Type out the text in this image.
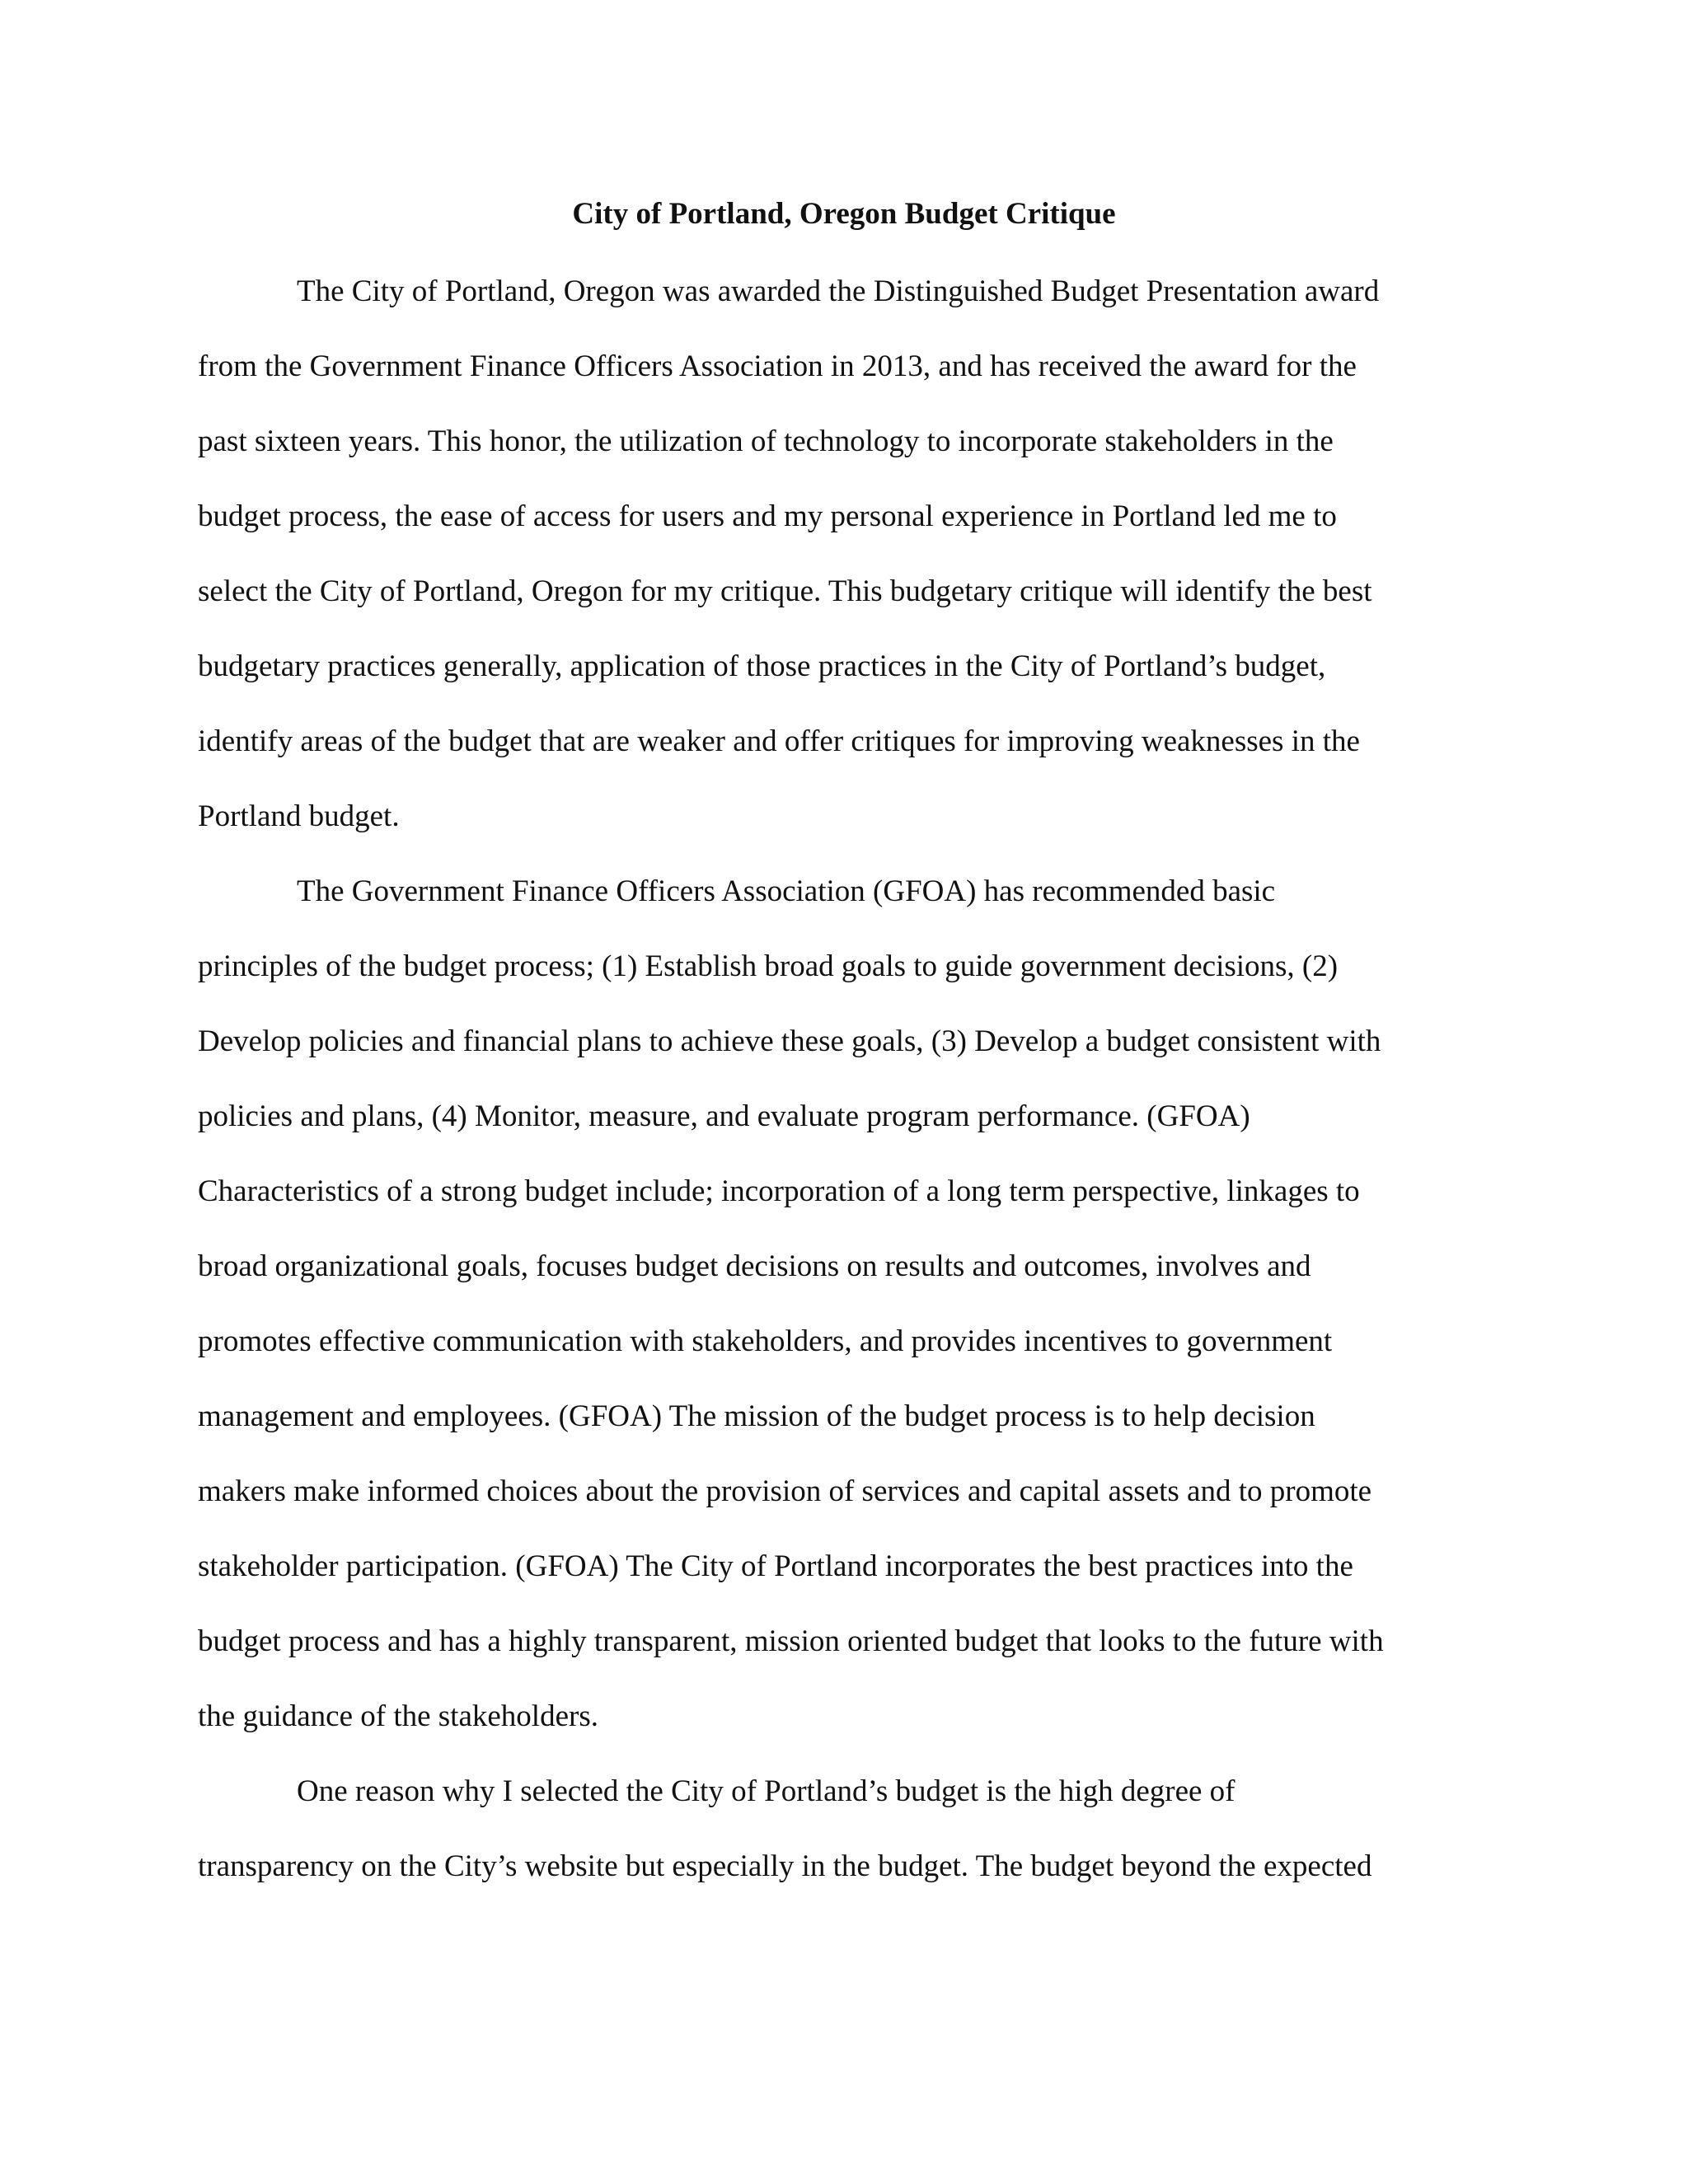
City of Portland, Oregon Budget Critique

The City of Portland, Oregon was awarded the Distinguished Budget Presentation award

from the Government Finance Officers Association in 2013, and has received the award for the

past sixteen years. This honor, the utilization of technology to incorporate stakeholders in the

budget process, the ease of access for users and my personal experience in Portland led me to

select the City of Portland, Oregon for my critique. This budgetary critique will identify the best

budgetary practices generally, application of those practices in the City of Portland’s budget,

identify areas of the budget that are weaker and offer critiques for improving weaknesses in the

Portland budget.

The Government Finance Officers Association (GFOA) has recommended basic

principles of the budget process; (1) Establish broad goals to guide government decisions, (2)

Develop policies and financial plans to achieve these goals, (3) Develop a budget consistent with

policies and plans, (4) Monitor, measure, and evaluate program performance. (GFOA)

Characteristics of a strong budget include; incorporation of a long term perspective, linkages to

broad organizational goals, focuses budget decisions on results and outcomes, involves and

promotes effective communication with stakeholders, and provides incentives to government

management and employees. (GFOA) The mission of the budget process is to help decision

makers make informed choices about the provision of services and capital assets and to promote

stakeholder participation. (GFOA) The City of Portland incorporates the best practices into the

budget process and has a highly transparent, mission oriented budget that looks to the future with

the guidance of the stakeholders.

One reason why I selected the City of Portland’s budget is the high degree of

transparency on the City’s website but especially in the budget. The budget beyond the expected
